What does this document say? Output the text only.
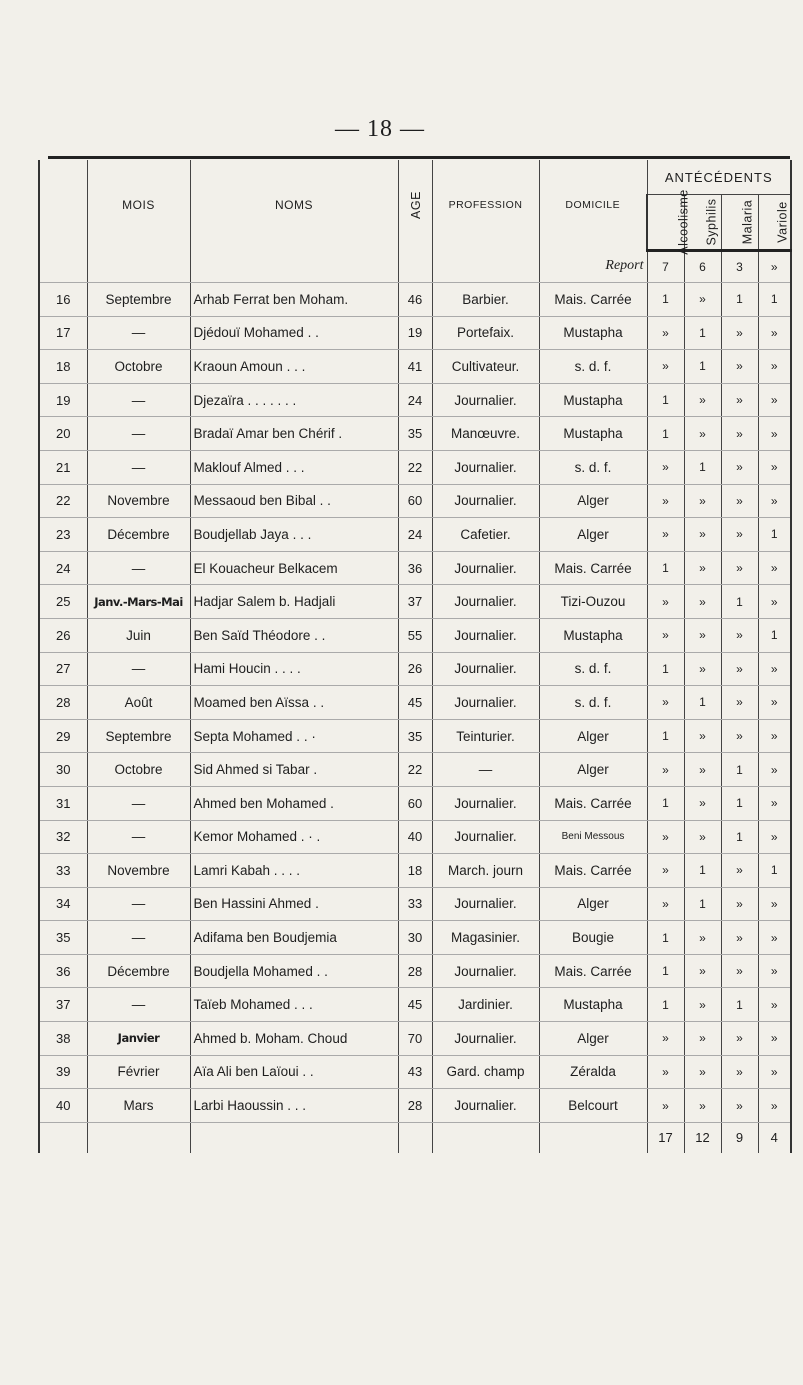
— 18 —
	MOIS	NOMS	AGE	PROFESSION	DOMICILE	ANTÉCÉDENTS			
						Alcoolisme	Syphilis	Malaria	Variole
					Report	7	6	3	»
16	Septembre	Arhab Ferrat ben Moham.	46	Barbier.	Mais. Carrée	1	»	1	1
17	—	Djédouï Mohamed . .	19	Portefaix.	Mustapha	»	1	»	»
18	Octobre	Kraoun Amoun . . .	41	Cultivateur.	s. d. f.	»	1	»	»
19	—	Djezaïra . . . . . . .	24	Journalier.	Mustapha	1	»	»	»
20	—	Bradaï Amar ben Chérif .	35	Manœuvre.	Mustapha	1	»	»	»
21	—	Maklouf Almed . . .	22	Journalier.	s. d. f.	»	1	»	»
22	Novembre	Messaoud ben Bibal . .	60	Journalier.	Alger	»	»	»	»
23	Décembre	Boudjellab Jaya . . .	24	Cafetier.	Alger	»	»	»	1
24	—	El Kouacheur Belkacem	36	Journalier.	Mais. Carrée	1	»	»	»
25	Janv.-Mars-Mai	Hadjar Salem b. Hadjali	37	Journalier.	Tizi-Ouzou	»	»	1	»
26	Juin	Ben Saïd Théodore . .	55	Journalier.	Mustapha	»	»	»	1
27	—	Hami Houcin . . . .	26	Journalier.	s. d. f.	1	»	»	»
28	Août	Moamed ben Aïssa . .	45	Journalier.	s. d. f.	»	1	»	»
29	Septembre	Septa Mohamed . . ·	35	Teinturier.	Alger	1	»	»	»
30	Octobre	Sid Ahmed si Tabar .	22	—	Alger	»	»	1	»
31	—	Ahmed ben Mohamed .	60	Journalier.	Mais. Carrée	1	»	1	»
32	—	Kemor Mohamed . · .	40	Journalier.	Beni Messous	»	»	1	»
33	Novembre	Lamri Kabah . . . .	18	March. journ	Mais. Carrée	»	1	»	1
34	—	Ben Hassini Ahmed .	33	Journalier.	Alger	»	1	»	»
35	—	Adifama ben Boudjemia	30	Magasinier.	Bougie	1	»	»	»
36	Décembre	Boudjella Mohamed . .	28	Journalier.	Mais. Carrée	1	»	»	»
37	—	Taïeb Mohamed . . .	45	Jardinier.	Mustapha	1	»	1	»
38	Janvier	Ahmed b. Moham. Choud	70	Journalier.	Alger	»	»	»	»
39	Février	Aïa Ali ben Laïoui . .	43	Gard. champ	Zéralda	»	»	»	»
40	Mars	Larbi Haoussin . . .	28	Journalier.	Belcourt	»	»	»	»
						17	12	9	4
